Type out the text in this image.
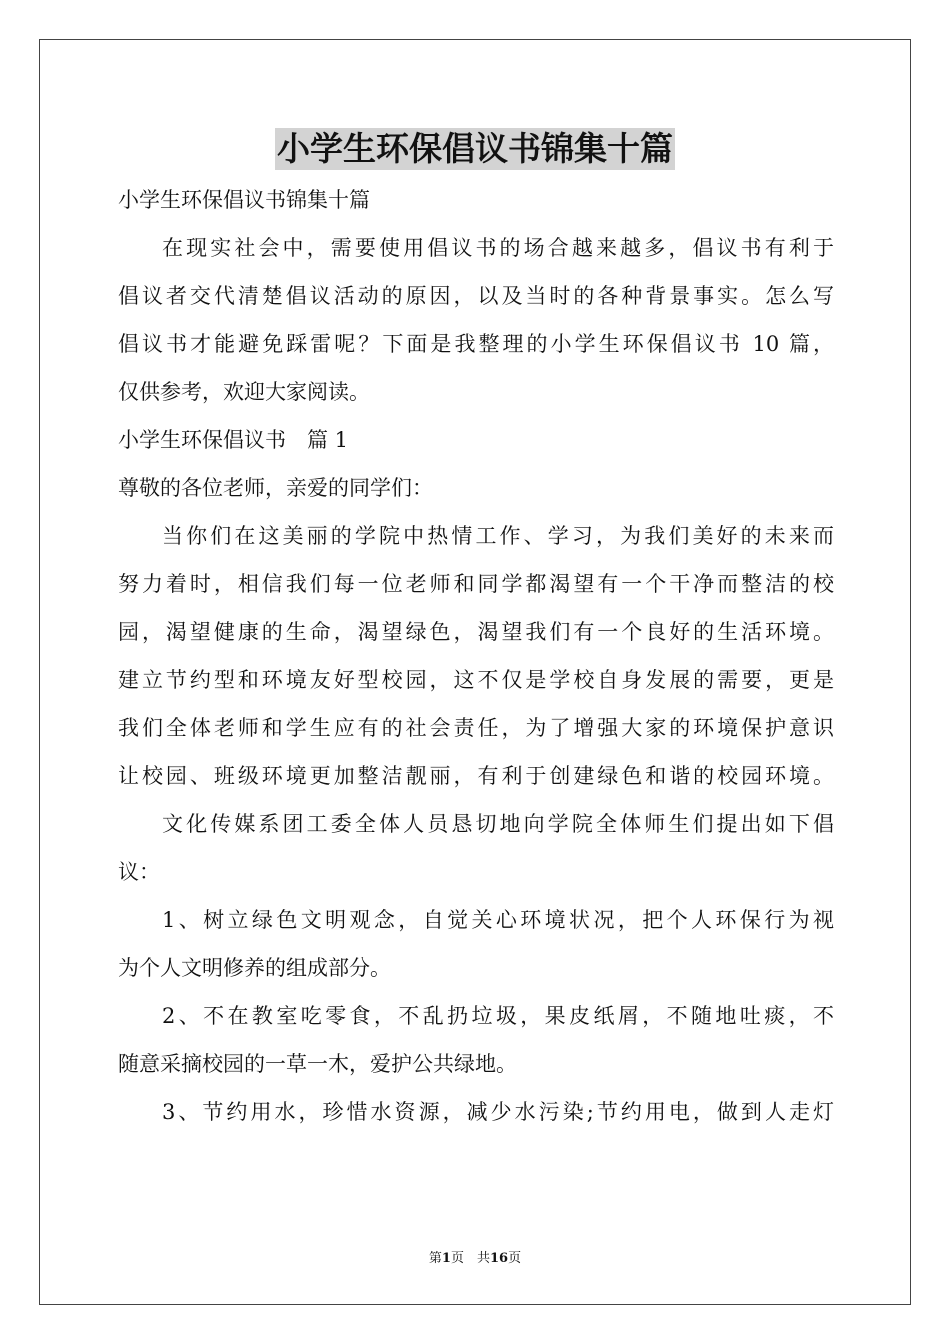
小学生环保倡议书锦集十篇
小学生环保倡议书锦集十篇
在现实社会中，需要使用倡议书的场合越来越多，倡议书有利于
倡议者交代清楚倡议活动的原因，以及当时的各种背景事实。怎么写
倡议书才能避免踩雷呢？下面是我整理的小学生环保倡议书 10 篇，
仅供参考，欢迎大家阅读。
小学生环保倡议书　篇 1
尊敬的各位老师，亲爱的同学们：
当你们在这美丽的学院中热情工作、学习，为我们美好的未来而
努力着时，相信我们每一位老师和同学都渴望有一个干净而整洁的校
园，渴望健康的生命，渴望绿色，渴望我们有一个良好的生活环境。
建立节约型和环境友好型校园，这不仅是学校自身发展的需要，更是
我们全体老师和学生应有的社会责任，为了增强大家的环境保护意识
让校园、班级环境更加整洁靓丽，有利于创建绿色和谐的校园环境。
文化传媒系团工委全体人员恳切地向学院全体师生们提出如下倡
议：
1、树立绿色文明观念，自觉关心环境状况，把个人环保行为视
为个人文明修养的组成部分。
2、不在教室吃零食，不乱扔垃圾，果皮纸屑，不随地吐痰，不
随意采摘校园的一草一木，爱护公共绿地。
3、节约用水，珍惜水资源，减少水污染;节约用电，做到人走灯
第1页　共16页
